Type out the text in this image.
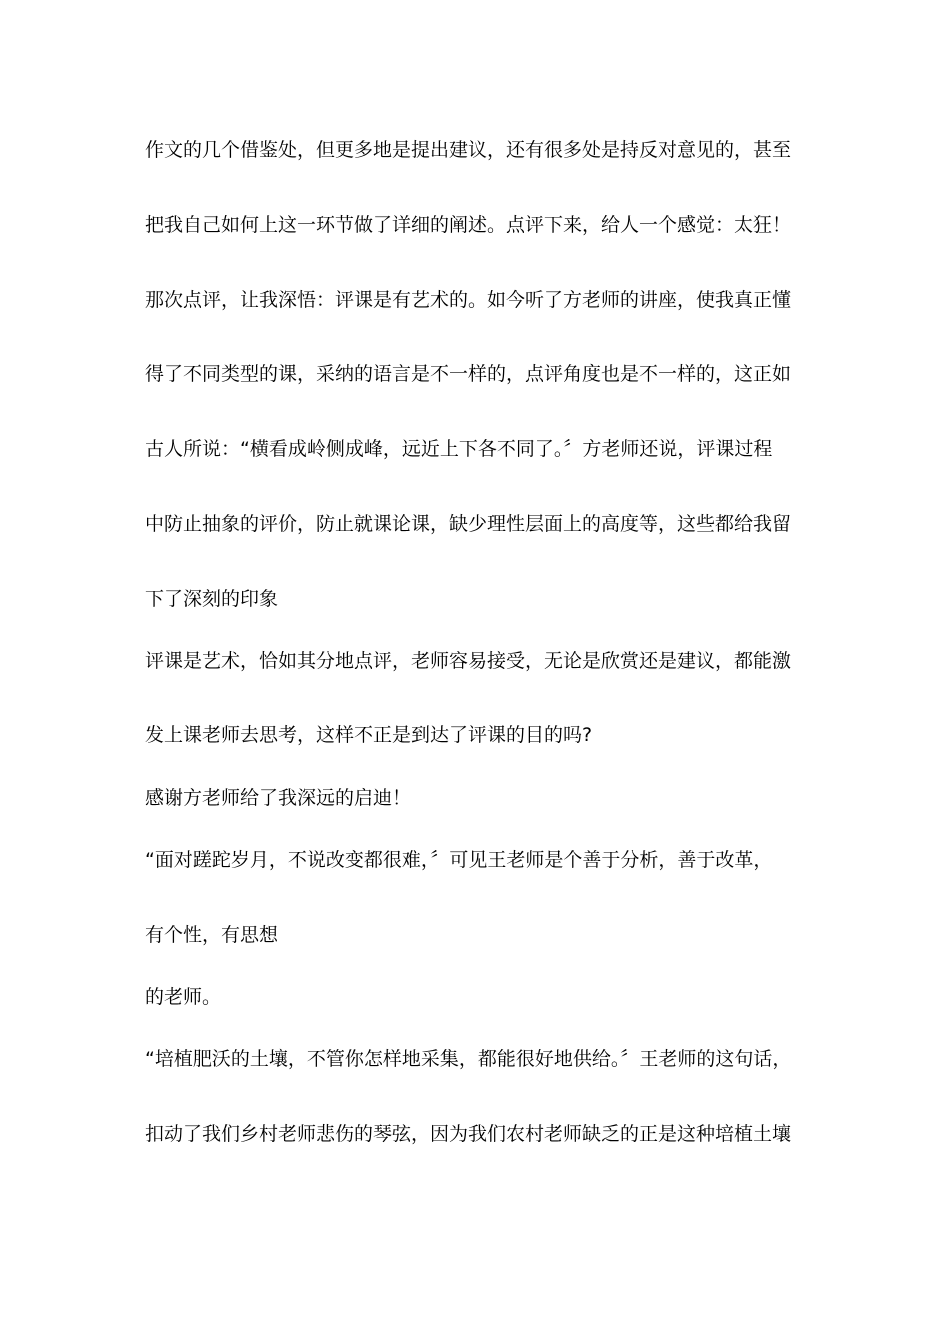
作文的几个借鉴处，但更多地是提出建议，还有很多处是持反对意见的，甚至
把我自己如何上这一环节做了详细的阐述。点评下来，给人一个感觉：太狂！
那次点评，让我深悟：评课是有艺术的。如今听了方老师的讲座，使我真正懂
得了不同类型的课，采纳的语言是不一样的，点评角度也是不一样的，这正如
古人所说：“横看成岭侧成峰，远近上下各不同了。〞方老师还说，评课过程
中防止抽象的评价，防止就课论课，缺少理性层面上的高度等，这些都给我留
下了深刻的印象
评课是艺术，恰如其分地点评，老师容易接受，无论是欣赏还是建议，都能激
发上课老师去思考，这样不正是到达了评课的目的吗?
感谢方老师给了我深远的启迪！
“面对蹉跎岁月，不说改变都很难，〞可见王老师是个善于分析，善于改革，
有个性，有思想
的老师。
“培植肥沃的土壤，不管你怎样地采集，都能很好地供给。〞王老师的这句话，
扣动了我们乡村老师悲伤的琴弦，因为我们农村老师缺乏的正是这种培植土壤
